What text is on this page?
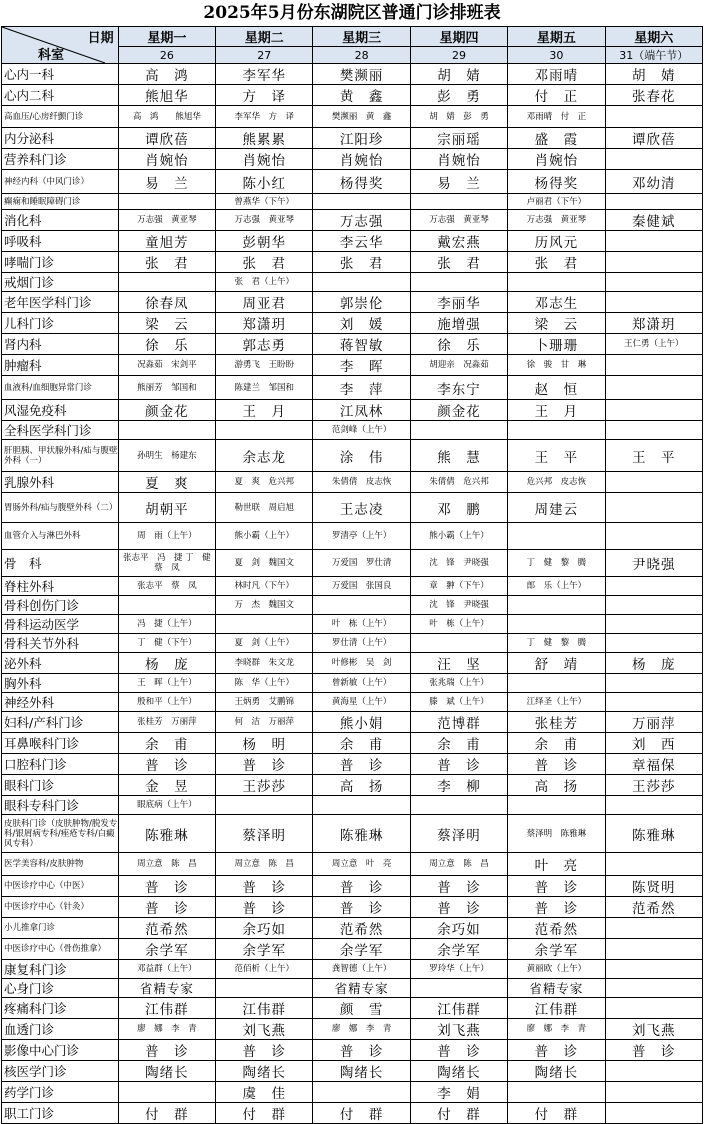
2025年5月份东湖院区普通门诊排班表
日期
科室	星期一	星期二	星期三	星期四	星期五	星期六
	26	27	28	29	30	31（端午节）
心内一科	高　鸿	李军华	樊濒丽	胡　婧	邓雨晴	胡　婧
心内二科	熊旭华	方　译	黄　鑫	彭　勇	付　正	张春花
高血压/心房纤颤门诊	高　鸿　　熊旭华	李军华　方　译	樊濒丽　黄　鑫	胡　婧　彭　勇	邓雨晴　付　正	
内分泌科	谭欣蓓	熊累累	江阳珍	宗丽瑶	盛　霞	谭欣蓓
营养科门诊	肖婉怡	肖婉怡	肖婉怡	肖婉怡	肖婉怡	
神经内科（中风门诊）	易　兰	陈小红	杨得奖	易　兰	杨得奖	邓幼清
癫痫和睡眠障碍门诊		曾燕华（下午）			卢丽君（下午）	
消化科	万志强　黄亚琴	万志强　黄亚琴	万志强	万志强　黄亚琴	万志强　黄亚琴	秦健斌
呼吸科	童旭芳	彭朝华	李云华	戴宏燕	历风元	
哮喘门诊	张　君	张　君	张　君	张　君	张　君	
戒烟门诊		张　君（上午）				
老年医学科门诊	徐春凤	周亚君	郭崇伦	李丽华	邓志生	
儿科门诊	梁　云	郑潇玥	刘　媛	施增强	梁　云	郑潇玥
肾内科	徐　乐	郭志勇	蒋智敏	徐　乐	卜珊珊	王仁勇（上午）
肿瘤科	况淼茹　宋剑平	游勇飞　王盼盼	李　晖	胡迎亲　况淼茹	徐　骏　甘　琳	
血液科/血细胞异常门诊	熊丽芳　邹国和	陈建兰　邹国和	李　萍	李东宁	赵　恒	
风湿免疫科	颜金花	王　月	江凤林	颜金花	王　月	
全科医学科门诊			范剑峰（上午）			
肝胆胰、甲状腺外科/疝与腹壁外科（一）	孙明生　杨建东	余志龙	涂　伟	熊　慧	王　平	王　平
乳腺外科	夏　爽	夏　爽　危兴邦	朱倩倩　皮志恢	朱倩倩　危兴邦	危兴邦　皮志恢	
胃肠外科/疝与腹壁外科（二）	胡朝平	勒世联　周启旭	王志凌	邓　鹏	周建云	
血管介入与淋巴外科	周　雨（上午）	熊小霸（上午）	罗清亭（上午）	熊小霸（上午）		
骨　科	张志平　冯　捷 丁　健　蔡　凤	夏　剑　魏国文	万爱国　罗仕清	沈　锋　尹晓强	丁　健　黎　腾	尹晓强
脊柱外科	张志平　蔡　凤	林时凡（下午）	万爱国　张国良	章　翀（下午）	郎　乐（上午）	
骨科创伤门诊		万　杰　魏国文		沈　锋　尹晓强		
骨科运动医学	冯　捷（上午）		叶　栋（上午）	叶　栋（上午）		
骨科关节外科	丁　健（下午）	夏　剑（上午）	罗仕清（上午）		丁　健　黎　腾	
泌外科	杨　庞	李晓群　朱文龙	叶修彬　吴　剑	汪　坚	舒　靖	杨　庞
胸外科	王　晖（上午）	陈　华（上午）	曾新敏（上午）	张兆瑞（上午）		
神经外科	殷和平（上午）	王炳勇　艾鹏锦	黄海星（上午）	滕　斌（上午）	江绎圣（上午）	
妇科/产科门诊	张桂芳　万丽萍	何　洁　万丽萍	熊小娟	范博群	张桂芳	万丽萍
耳鼻喉科门诊	余　甫	杨　明	余　甫	余　甫	余　甫	刘　西
口腔科门诊	普　诊	普　诊	普　诊	普　诊	普　诊	章福保
眼科门诊	金　昱	王莎莎	高　扬	李　柳	高　扬	王莎莎
眼科专科门诊	眼底病（上午）					
皮肤科门诊（皮肤肿物/脱发专科/银屑病专科/痤疮专科/白癜风专科）	陈雅琳	蔡泽明	陈雅琳	蔡泽明	蔡泽明　陈雅琳	陈雅琳
医学美容科/皮肤肿物	周立意　陈　昌	周立意　陈　昌	周立意　叶　亮	周立意　陈　昌	叶　亮	
中医诊疗中心（中医）	普　诊	普　诊	普　诊	普　诊	普　诊	陈贤明
中医诊疗中心（针灸）	普　诊	普　诊	普　诊	普　诊	普　诊	范希然
小儿推拿门诊	范希然	余巧如	范希然	余巧如	范希然	
中医诊疗中心（骨伤推拿）	余学军	余学军	余学军	余学军	余学军	
康复科门诊	邓益群（上午）	范佰析（上午）	龚智德（上午）	罗玲华（上午）	黄丽欧（上午）	
心身门诊	省精专家		省精专家		省精专家	
疼痛科门诊	江伟群	江伟群	颜　雪	江伟群	江伟群	
血透门诊	廖　娜　李　青	刘飞燕	廖　娜　李　青	刘飞燕	廖　娜　李　青	刘飞燕
影像中心门诊	普　诊	普　诊	普　诊	普　诊	普　诊	普　诊
核医学门诊	陶绪长	陶绪长	陶绪长	陶绪长	陶绪长	
药学门诊		虞　佳		李　娟		
职工门诊	付　群	付　群	付　群	付　群	付　群	
